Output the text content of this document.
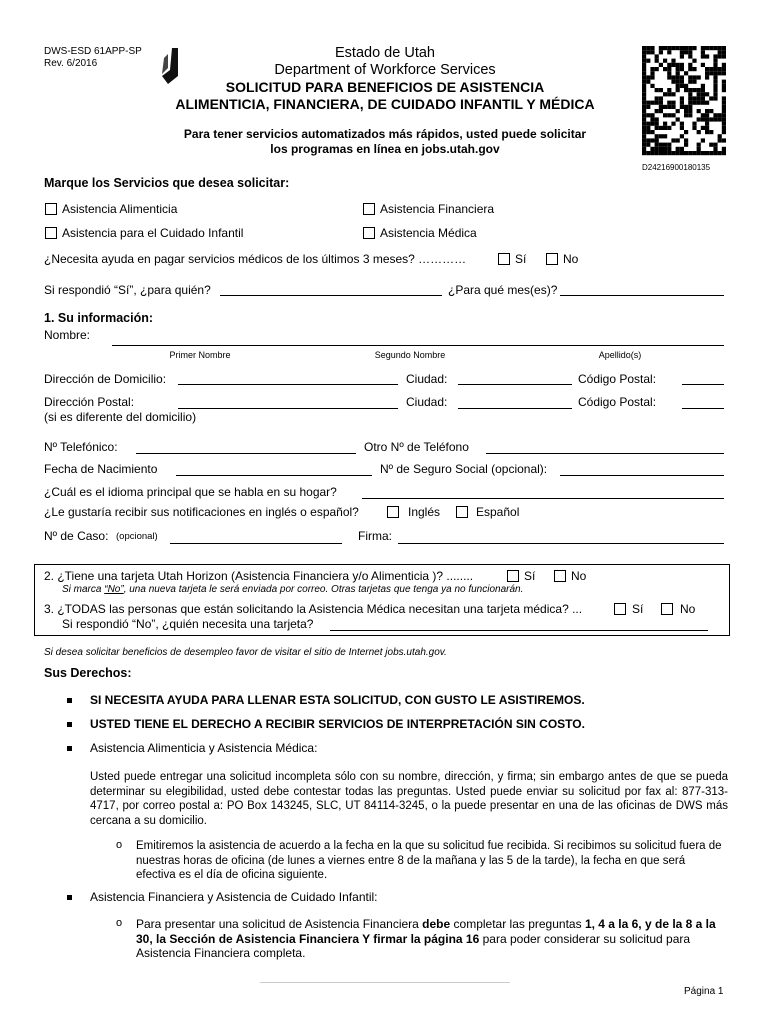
DWS-ESD 61APP-SP
Rev. 6/2016
Estado de Utah
Department of Workforce Services
SOLICITUD PARA BENEFICIOS DE ASISTENCIA
ALIMENTICIA, FINANCIERA, DE CUIDADO INFANTIL Y MÉDICA
Para tener servicios automatizados más rápidos, usted puede solicitar
los programas en línea en jobs.utah.gov
D24216900180135
Marque los Servicios que desea solicitar:
Asistencia Alimenticia	Asistencia Financiera
Asistencia para el Cuidado Infantil	Asistencia Médica
¿Necesita ayuda en pagar servicios médicos de los últimos 3 meses? …………	Sí	No
Si respondió “Sí”, ¿para quién?	¿Para qué mes(es)?
1. Su información:
Nombre:
Primer Nombre	Segundo Nombre	Apellido(s)
Dirección de Domicilio:	Ciudad:	Código Postal:
Dirección Postal:	Ciudad:	Código Postal:
(si es diferente del domicilio)
Nº Telefónico:	Otro Nº de Teléfono
Fecha de Nacimiento	Nº de Seguro Social (opcional):
¿Cuál es el idioma principal que se habla en su hogar?
¿Le gustaría recibir sus notificaciones en inglés o español?	Inglés	Español
Nº de Caso: (opcional)	Firma:
2. ¿Tiene una tarjeta Utah Horizon (Asistencia Financiera y/o Alimenticia )? ........	Sí	No
Si marca “No”, una nueva tarjeta le será enviada por correo. Otras tarjetas que tenga ya no funcionarán.
3. ¿TODAS las personas que están solicitando la Asistencia Médica necesitan una tarjeta médica? ...	Sí	No
Si respondió “No”, ¿quién necesita una tarjeta?
Si desea solicitar beneficios de desempleo favor de visitar el sitio de Internet jobs.utah.gov.
Sus Derechos:
SI NECESITA AYUDA PARA LLENAR ESTA SOLICITUD, CON GUSTO LE ASISTIREMOS.
USTED TIENE EL DERECHO A RECIBIR SERVICIOS DE INTERPRETACIÓN SIN COSTO.
Asistencia Alimenticia y Asistencia Médica:
Usted puede entregar una solicitud incompleta sólo con su nombre, dirección, y firma; sin embargo antes de que se pueda determinar su elegibilidad, usted debe contestar todas las preguntas. Usted puede enviar su solicitud por fax al: 877-313-4717, por correo postal a: PO Box 143245, SLC, UT 84114-3245, o la puede presentar en una de las oficinas de DWS más cercana a su domicilio.
o Emitiremos la asistencia de acuerdo a la fecha en la que su solicitud fue recibida. Si recibimos su solicitud fuera de nuestras horas de oficina (de lunes a viernes entre 8 de la mañana y las 5 de la tarde), la fecha en que será efectiva es el día de oficina siguiente.
Asistencia Financiera y Asistencia de Cuidado Infantil:
o Para presentar una solicitud de Asistencia Financiera debe completar las preguntas 1, 4 a la 6, y de la 8 a la 30, la Sección de Asistencia Financiera Y firmar la página 16 para poder considerar su solicitud para Asistencia Financiera completa.
Página 1
